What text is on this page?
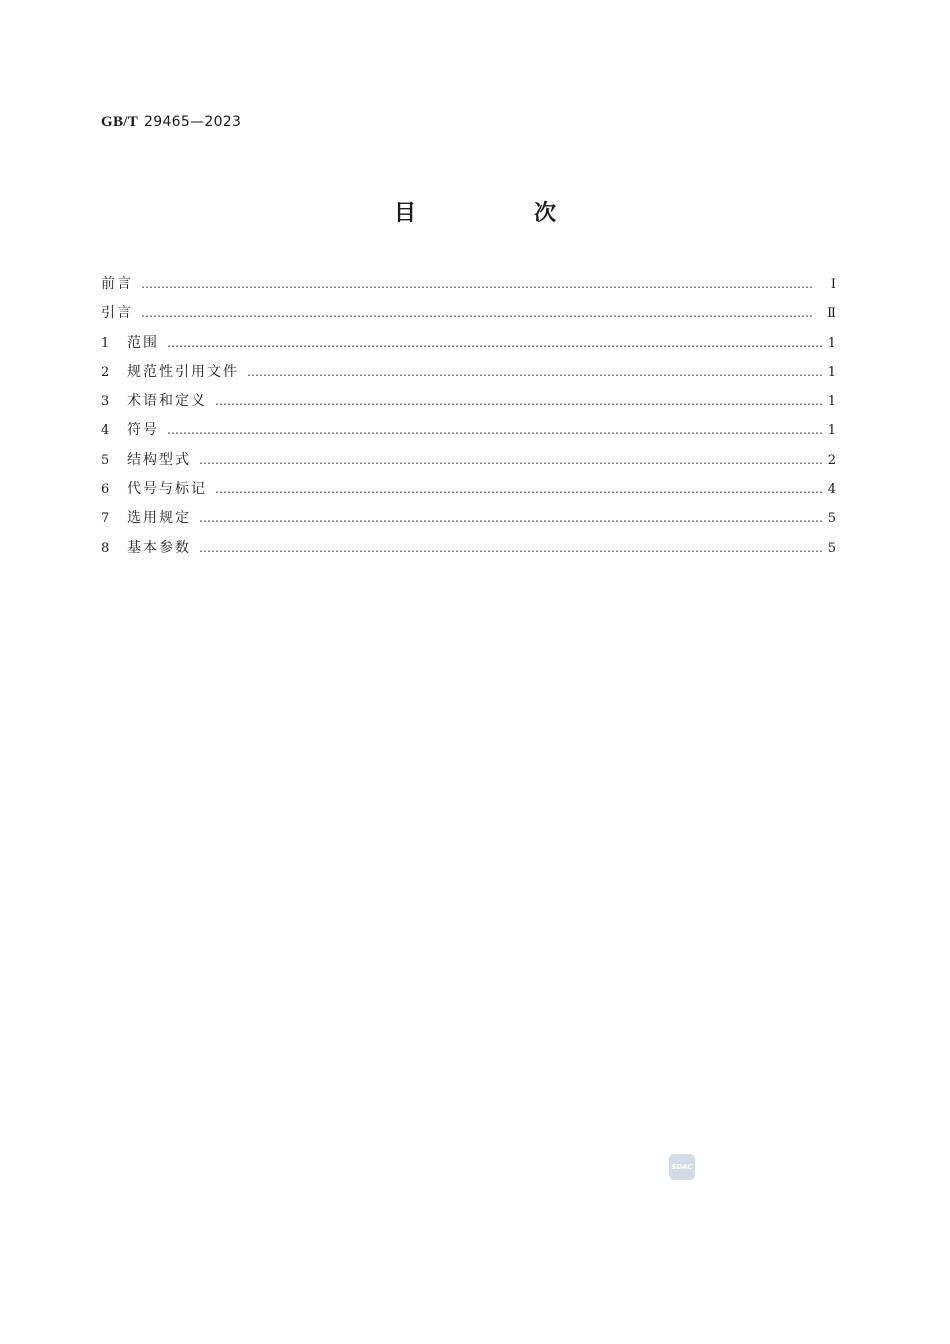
GB/T 29465—2023
目　次
前言 ……………………………………………………………………………………………………………………………………………………	Ⅰ
引言 ……………………………………………………………………………………………………………………………………………………	Ⅱ
1	范围 ……………………………………………………………………………………………………………………………………………………	1
2	规范性引用文件 ……………………………………………………………………………………………………………………………………………………	1
3	术语和定义 ……………………………………………………………………………………………………………………………………………………	1
4	符号 ……………………………………………………………………………………………………………………………………………………	1
5	结构型式 ……………………………………………………………………………………………………………………………………………………	2
6	代号与标记 ……………………………………………………………………………………………………………………………………………………	4
7	选用规定 ……………………………………………………………………………………………………………………………………………………	5
8	基本参数 ……………………………………………………………………………………………………………………………………………………	5
SDAC
